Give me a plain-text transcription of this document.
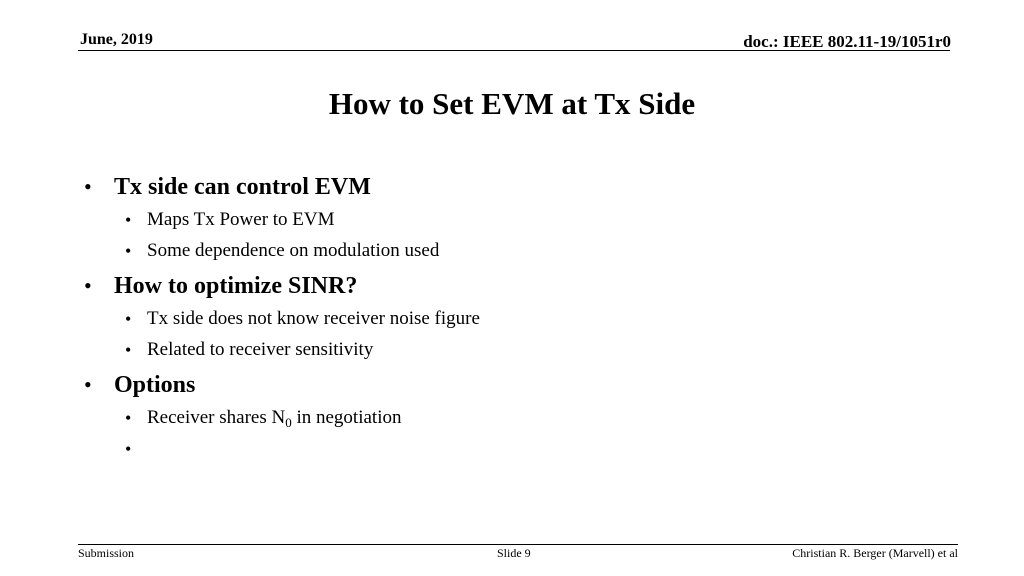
June, 2019	doc.: IEEE 802.11-19/1051r0
How to Set EVM at Tx Side
• Tx side can control EVM
• Maps Tx Power to EVM
• Some dependence on modulation used
• How to optimize SINR?
• Tx side does not know receiver noise figure
• Related to receiver sensitivity
• Options
• Receiver shares $N_0$ in negotiation
•
Submission	Slide 9	Christian R. Berger (Marvell) et al
